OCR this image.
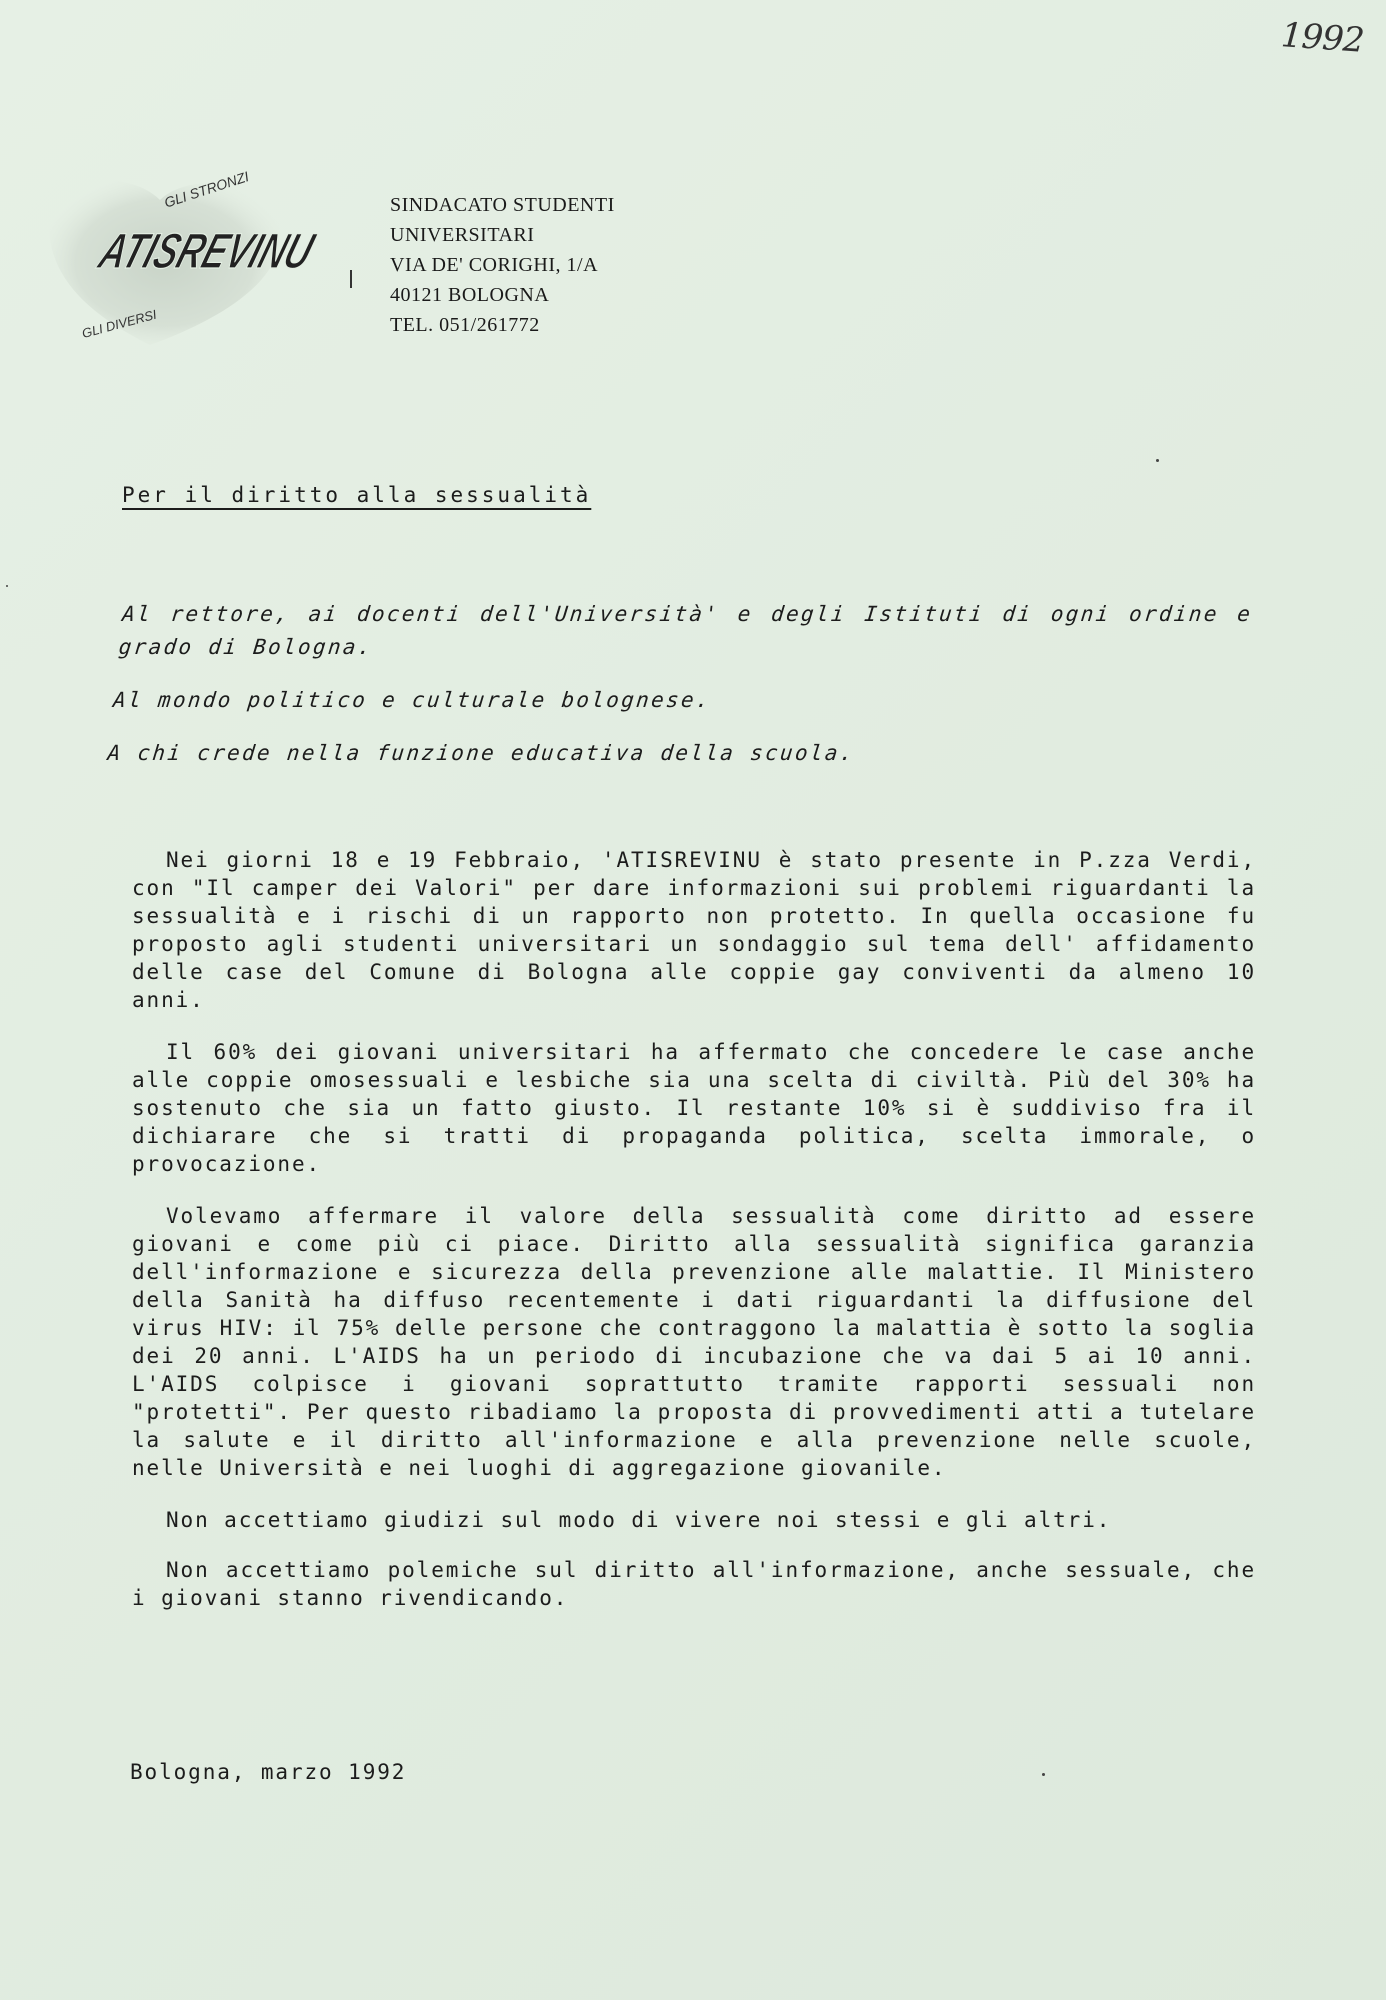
1992
ATISREVINU
GLI STRONZI
GLI DIVERSI
SINDACATO STUDENTI
UNIVERSITARI
VIA DE' CORIGHI, 1/A
40121 BOLOGNA
TEL. 051/261772
Per il diritto alla sessualità

Al rettore, ai docenti dell'Università' e degli Istituti di ogni ordine e grado di Bologna.

Al mondo politico e culturale bolognese.

A chi crede nella funzione educativa della scuola.

Nei giorni 18 e 19 Febbraio, 'ATISREVINU è stato presente in P.zza Verdi, con "Il camper dei Valori" per dare informazioni sui problemi riguardanti la sessualità e i rischi di un rapporto non protetto. In quella occasione fu proposto agli studenti universitari un sondaggio sul tema dell' affidamento delle case del Comune di Bologna alle coppie gay conviventi da almeno 10 anni.

Il 60% dei giovani universitari ha affermato che concedere le case anche alle coppie omosessuali e lesbiche sia una scelta di civiltà. Più del 30% ha sostenuto che sia un fatto giusto. Il restante 10% si è suddiviso fra il dichiarare che si tratti di propaganda politica, scelta immorale, o provocazione.

Volevamo affermare il valore della sessualità come diritto ad essere giovani e come più ci piace. Diritto alla sessualità significa garanzia dell'informazione e sicurezza della prevenzione alle malattie. Il Ministero della Sanità ha diffuso recentemente i dati riguardanti la diffusione del virus HIV: il 75% delle persone che contraggono la malattia è sotto la soglia dei 20 anni. L'AIDS ha un periodo di incubazione che va dai 5 ai 10 anni. L'AIDS colpisce i giovani soprattutto tramite rapporti sessuali non "protetti". Per questo ribadiamo la proposta di provvedimenti atti a tutelare la salute e il diritto all'informazione e alla prevenzione nelle scuole, nelle Università e nei luoghi di aggregazione giovanile.

Non accettiamo giudizi sul modo di vivere noi stessi e gli altri.

Non accettiamo polemiche sul diritto all'informazione, anche sessuale, che i giovani stanno rivendicando.

Bologna, marzo 1992
